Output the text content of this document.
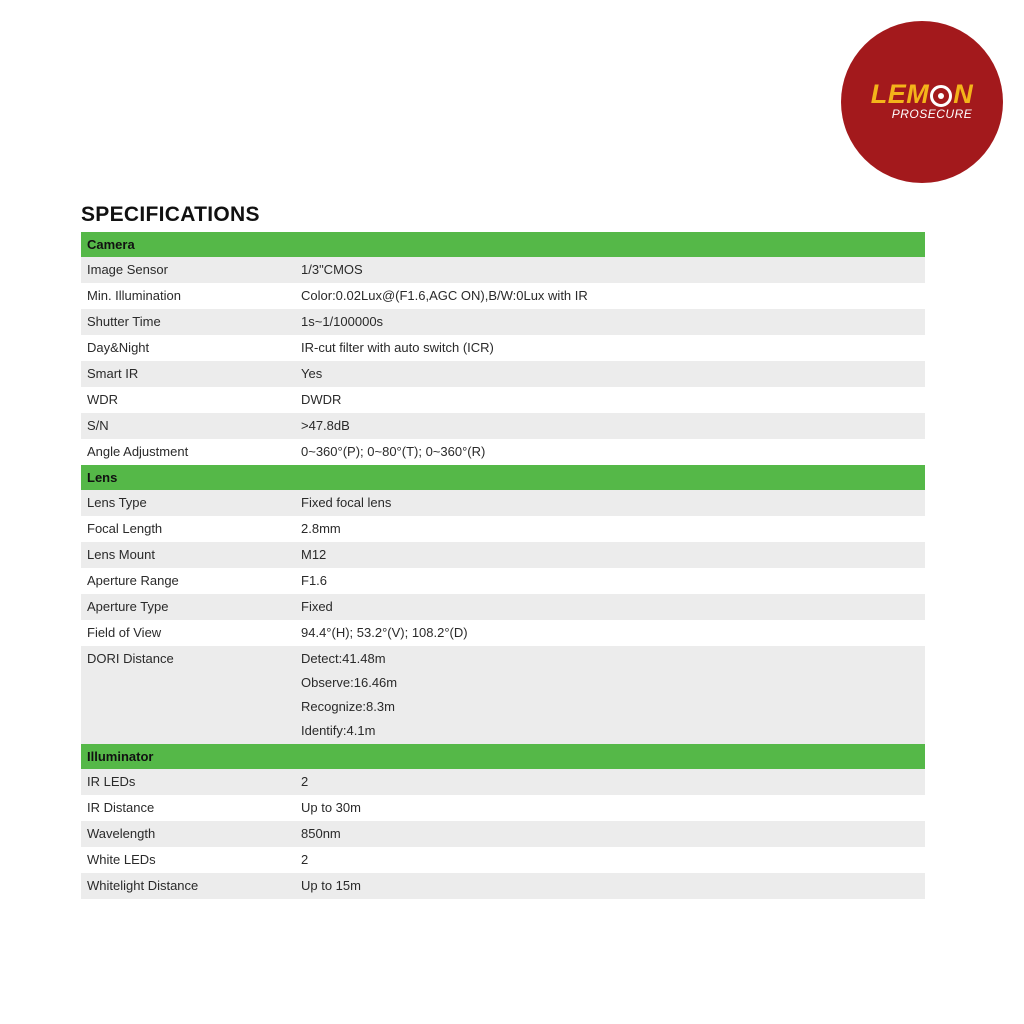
LEM N
PROSECURE
SPECIFICATIONS
Camera	
Image Sensor	1/3"CMOS

Min. Illumination	Color:0.02Lux@(F1.6,AGC ON),B/W:0Lux with IR

Shutter Time	1s~1/100000s

Day&Night	IR-cut filter with auto switch (ICR)

Smart IR	Yes

WDR	DWDR

S/N	>47.8dB

Angle Adjustment	0~360°(P); 0~80°(T); 0~360°(R)

Lens	
Lens Type	Fixed focal lens

Focal Length	2.8mm

Lens Mount	M12

Aperture Range	F1.6

Aperture Type	Fixed

Field of View	94.4°(H); 53.2°(V); 108.2°(D)

DORI Distance	Detect:41.48m
Observe:16.46m
Recognize:8.3m
Identify:4.1m

Illuminator	
IR LEDs	2

IR Distance	Up to 30m

Wavelength	850nm

White LEDs	2

Whitelight Distance	Up to 15m
